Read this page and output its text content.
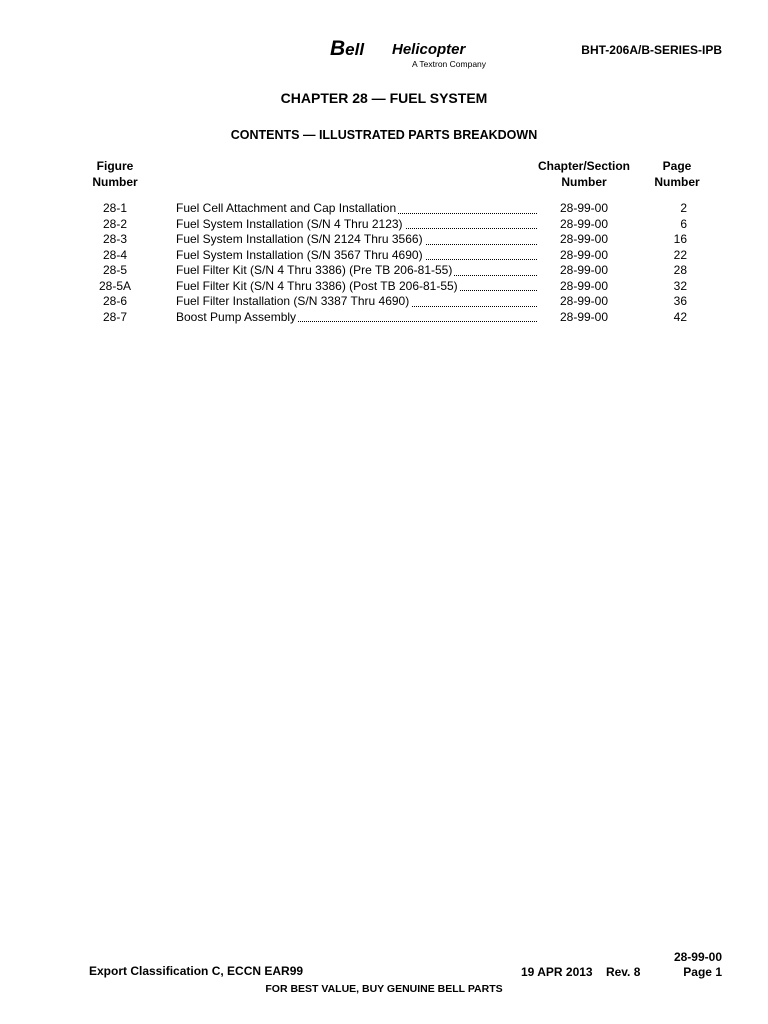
Bell Helicopter
A Textron Company
BHT-206A/B-SERIES-IPB
CHAPTER 28 — FUEL SYSTEM
CONTENTS — ILLUSTRATED PARTS BREAKDOWN
Figure
Number
Chapter/Section
Number
Page
Number
28-1	Fuel Cell Attachment and Cap Installation	28-99-00	2
28-2	Fuel System Installation (S/N 4 Thru 2123)	28-99-00	6
28-3	Fuel System Installation (S/N 2124 Thru 3566)	28-99-00	16
28-4	Fuel System Installation (S/N 3567 Thru 4690)	28-99-00	22
28-5	Fuel Filter Kit (S/N 4 Thru 3386) (Pre TB 206-81-55)	28-99-00	28
28-5A	Fuel Filter Kit (S/N 4 Thru 3386) (Post TB 206-81-55)	28-99-00	32
28-6	Fuel Filter Installation (S/N 3387 Thru 4690)	28-99-00	36
28-7	Boost Pump Assembly	28-99-00	42
28-99-00
Export Classification C, ECCN EAR99	19 APR 2013    Rev. 8	Page 1
FOR BEST VALUE, BUY GENUINE BELL PARTS
